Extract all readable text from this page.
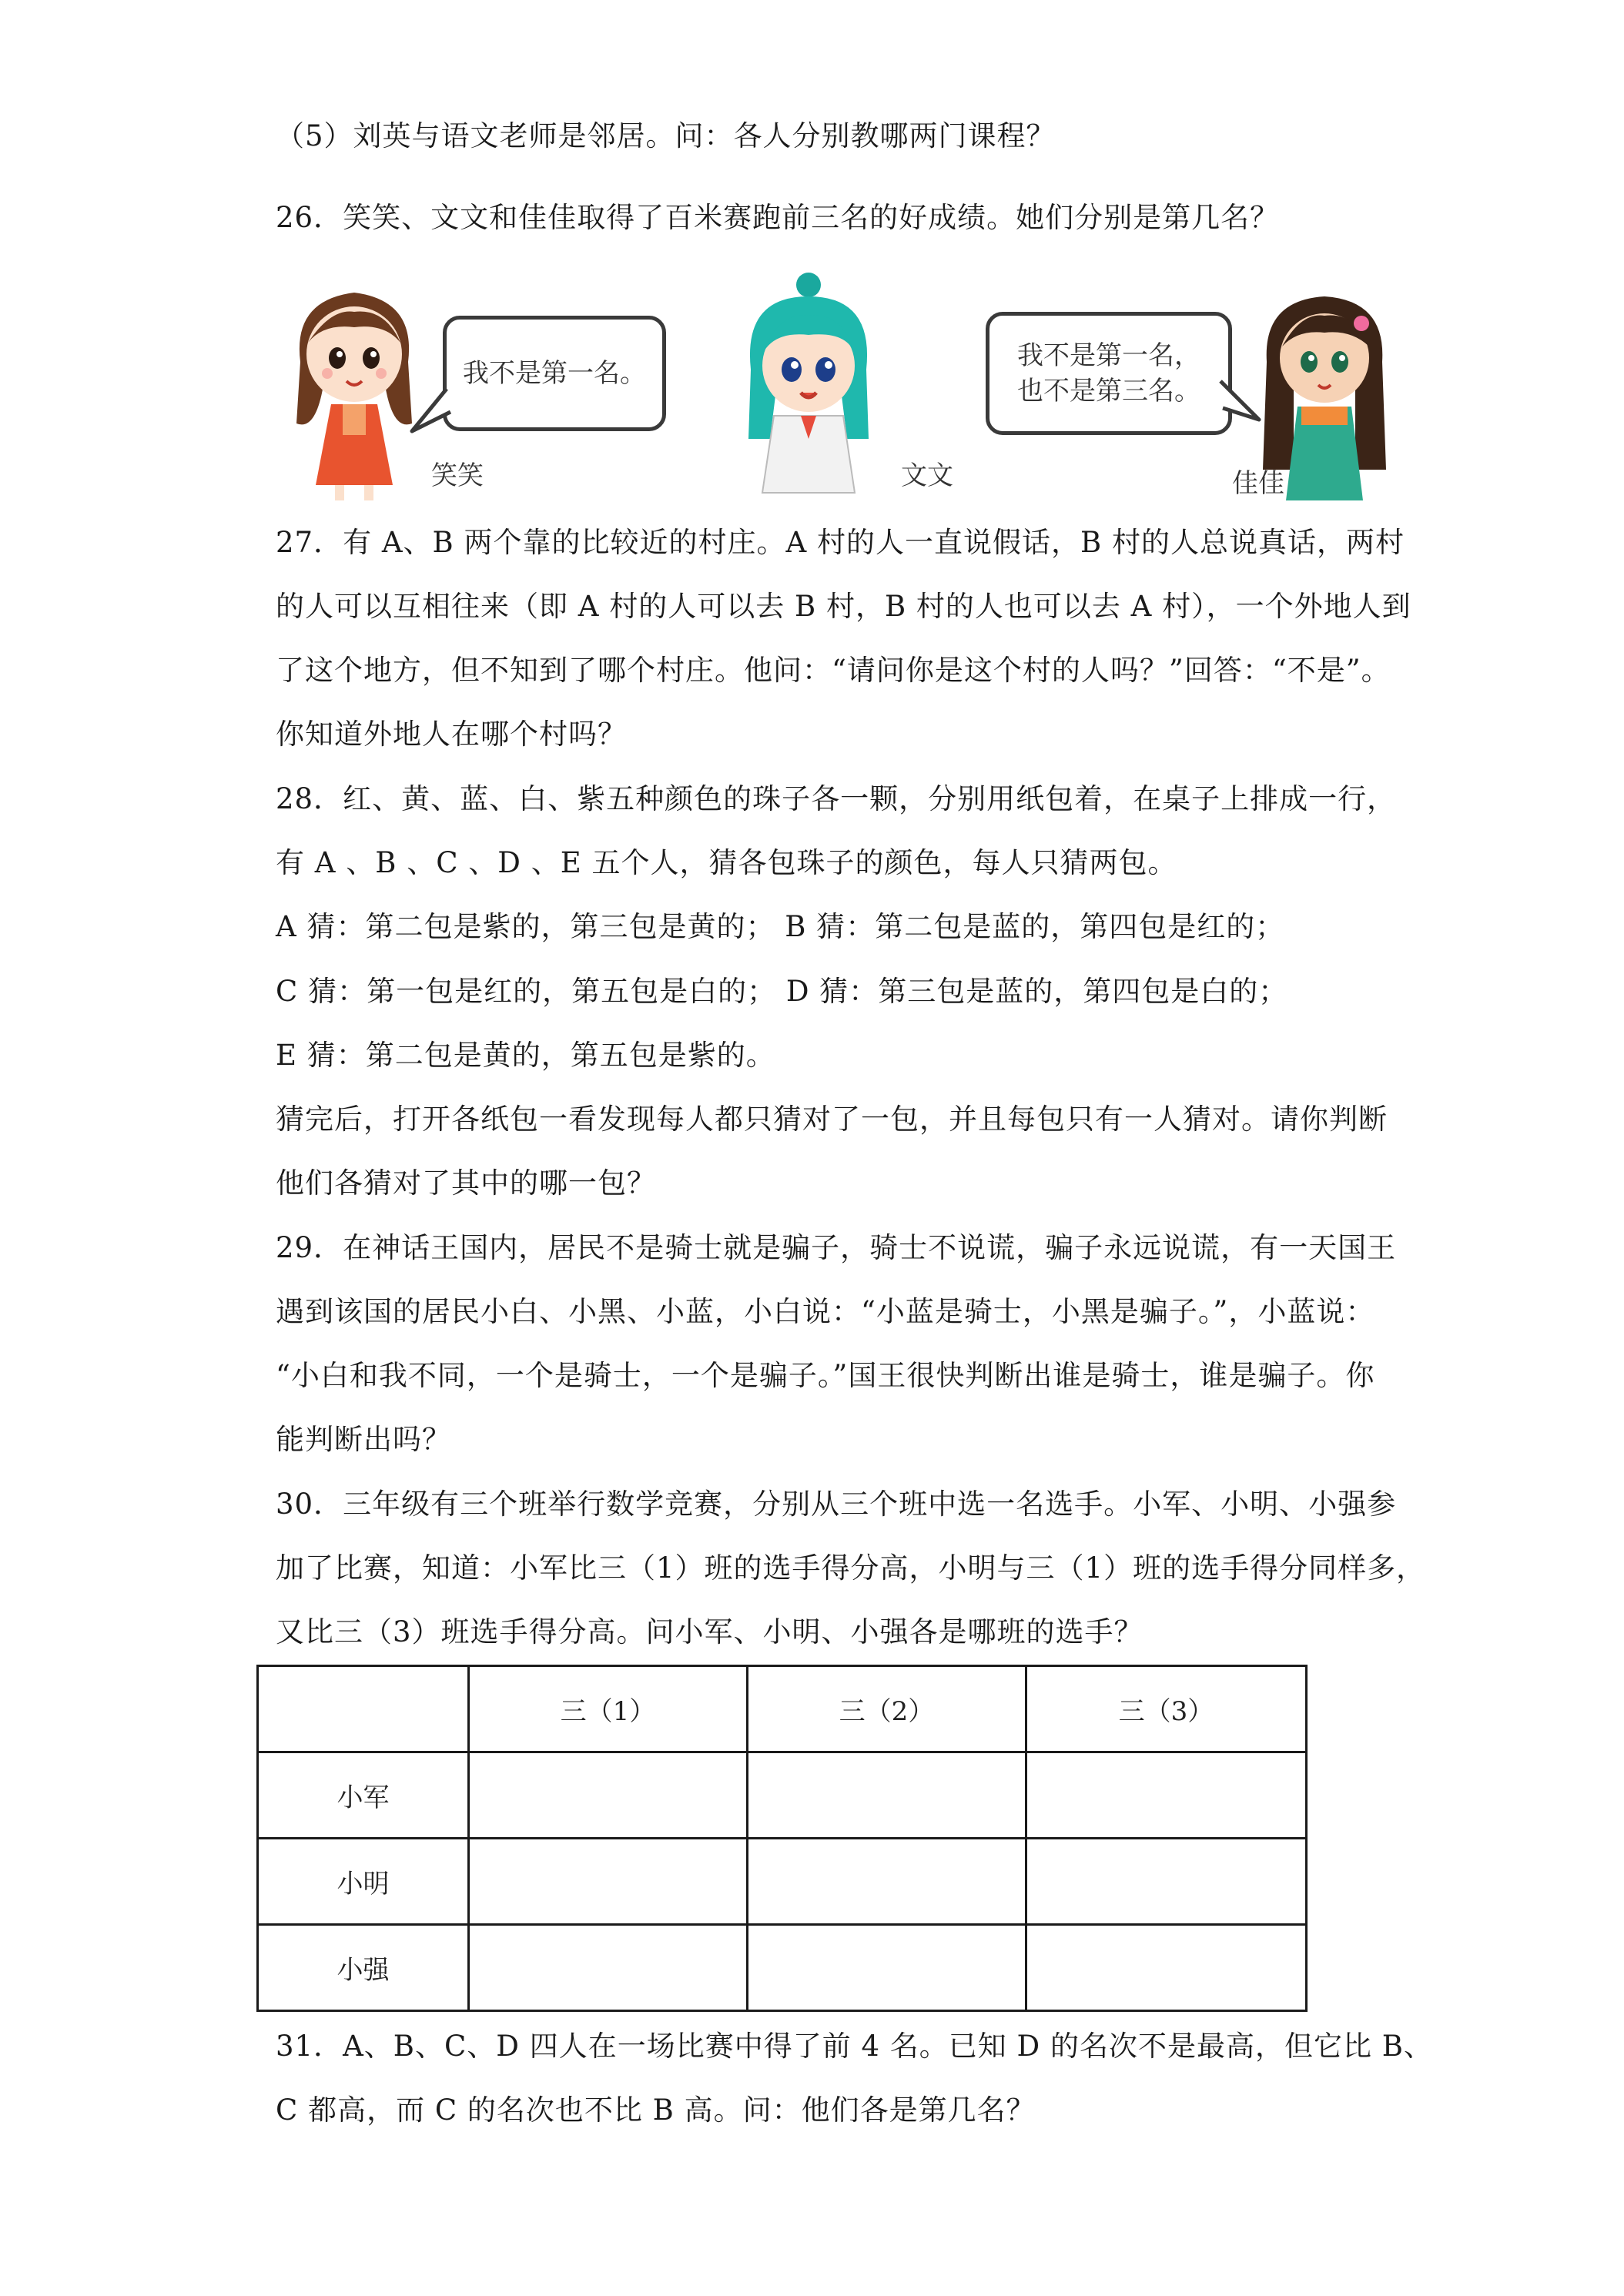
（5）刘英与语文老师是邻居。问：各人分别教哪两门课程？
26．笑笑、文文和佳佳取得了百米赛跑前三名的好成绩。她们分别是第几名？
我不是第一名。
笑笑	文文
我不是第一名，
也不是第三名。
佳佳
27．有 A、B 两个靠的比较近的村庄。A 村的人一直说假话，B 村的人总说真话，两村
的人可以互相往来（即 A 村的人可以去 B 村，B 村的人也可以去 A 村），一个外地人到
了这个地方，但不知到了哪个村庄。他问：“请问你是这个村的人吗？”回答：“不是”。
你知道外地人在哪个村吗？
28．红、黄、蓝、白、紫五种颜色的珠子各一颗，分别用纸包着，在桌子上排成一行，
有 A 、B 、C 、D 、E 五个人，猜各包珠子的颜色，每人只猜两包。
A 猜：第二包是紫的，第三包是黄的； B 猜：第二包是蓝的，第四包是红的；
C 猜：第一包是红的，第五包是白的； D 猜：第三包是蓝的，第四包是白的；
E 猜：第二包是黄的，第五包是紫的。
猜完后，打开各纸包一看发现每人都只猜对了一包，并且每包只有一人猜对。请你判断
他们各猜对了其中的哪一包？
29．在神话王国内，居民不是骑士就是骗子，骑士不说谎，骗子永远说谎，有一天国王
遇到该国的居民小白、小黑、小蓝，小白说：“小蓝是骑士，小黑是骗子。”，小蓝说：
“小白和我不同，一个是骑士，一个是骗子。”国王很快判断出谁是骑士，谁是骗子。你
能判断出吗？
30．三年级有三个班举行数学竞赛，分别从三个班中选一名选手。小军、小明、小强参
加了比赛，知道：小军比三（1）班的选手得分高，小明与三（1）班的选手得分同样多，
又比三（3）班选手得分高。问小军、小明、小强各是哪班的选手？
	三（1）	三（2）	三（3）
小军			
小明			
小强			
31．A、B、C、D 四人在一场比赛中得了前 4 名。已知 D 的名次不是最高，但它比 B、
C 都高，而 C 的名次也不比 B 高。问：他们各是第几名？
